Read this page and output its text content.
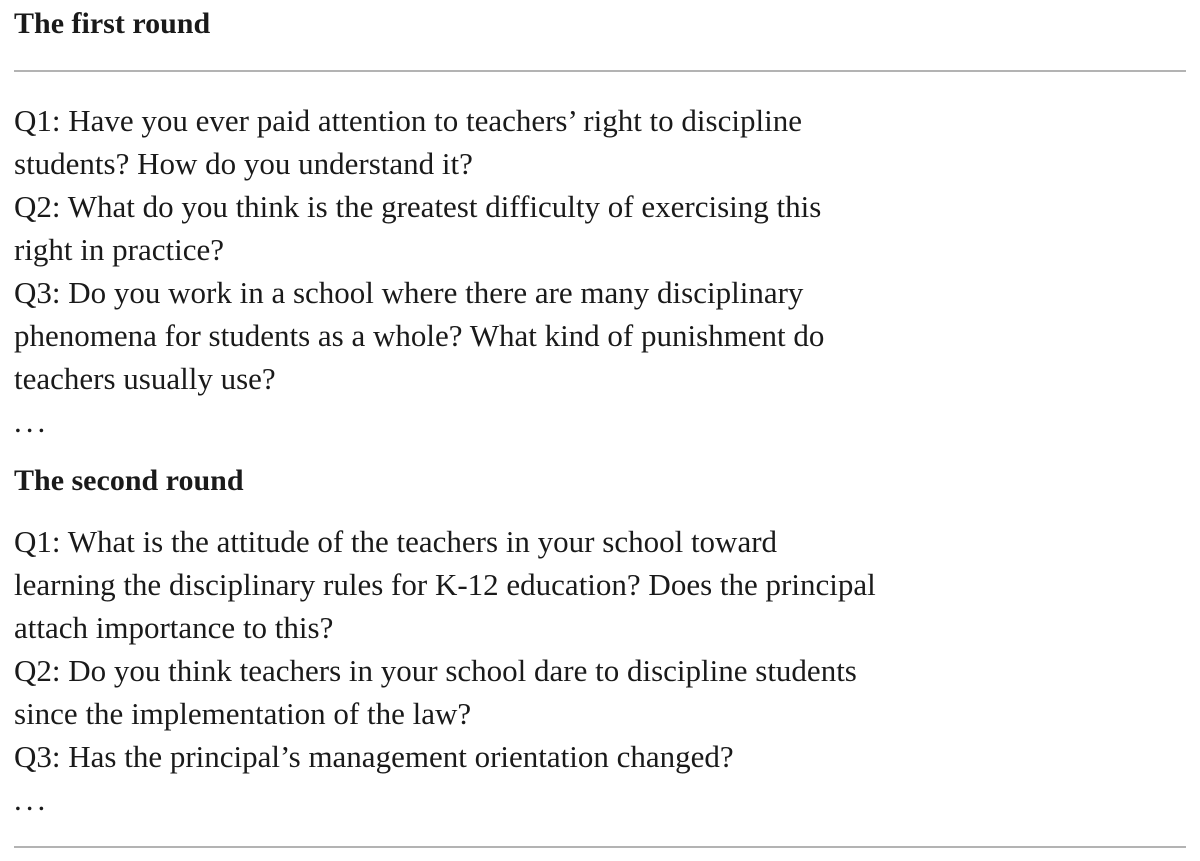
The first round
Q1: Have you ever paid attention to teachers’ right to discipline
students? How do you understand it?
Q2: What do you think is the greatest difficulty of exercising this
right in practice?
Q3: Do you work in a school where there are many disciplinary
phenomena for students as a whole? What kind of punishment do
teachers usually use?
...
The second round
Q1: What is the attitude of the teachers in your school toward
learning the disciplinary rules for K-12 education? Does the principal
attach importance to this?
Q2: Do you think teachers in your school dare to discipline students
since the implementation of the law?
Q3: Has the principal’s management orientation changed?
...
